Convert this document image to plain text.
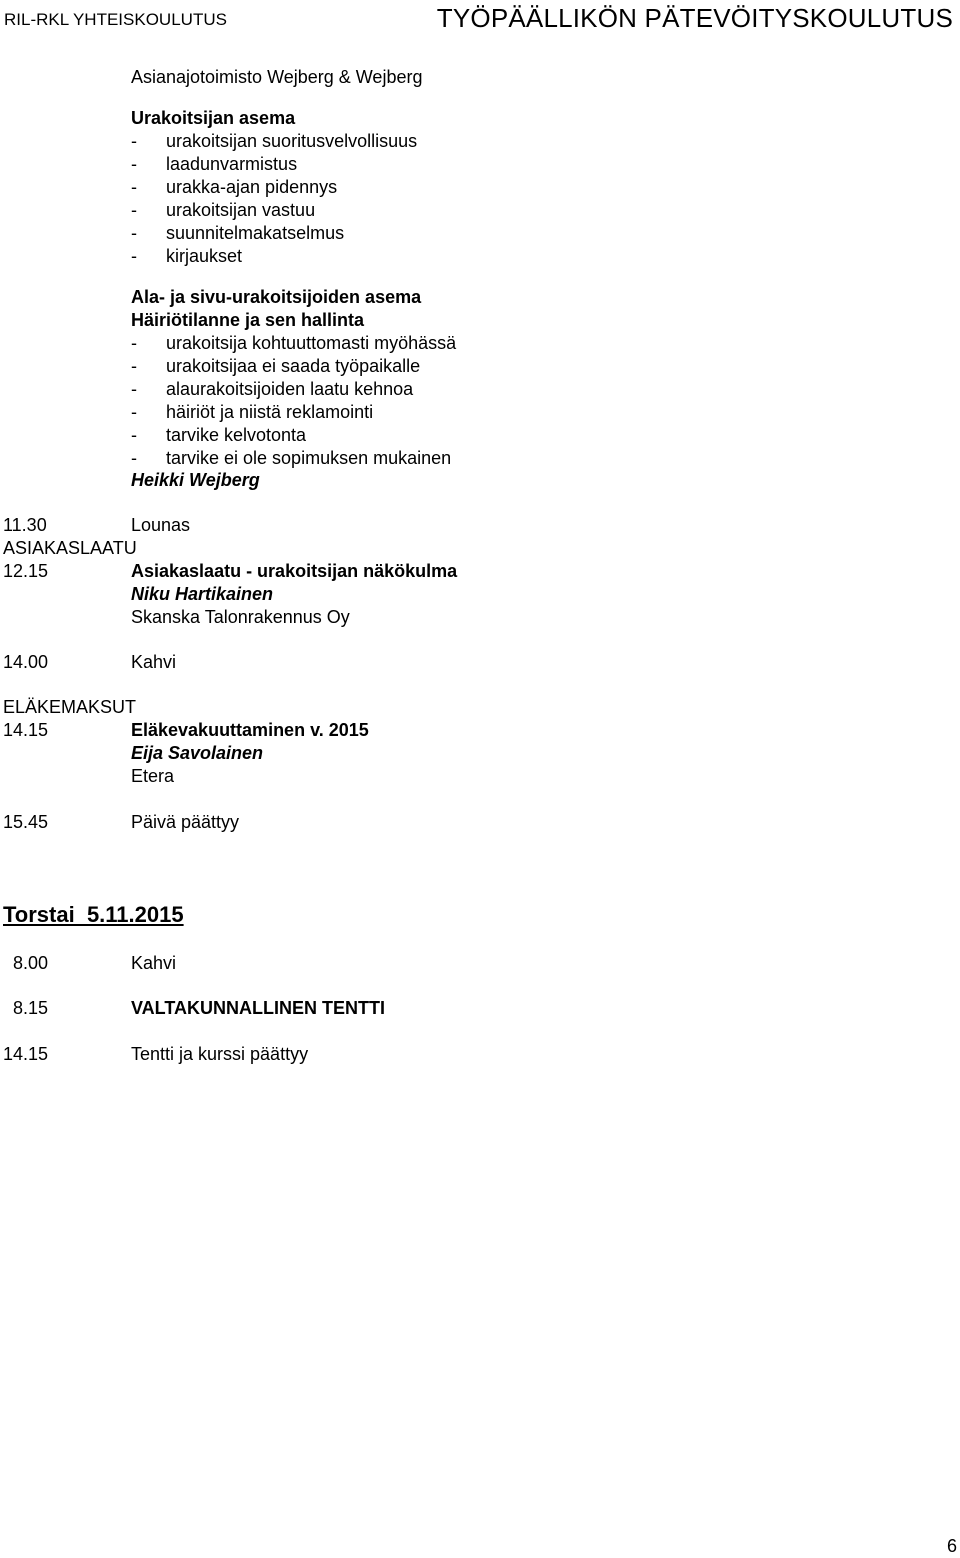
RIL-RKL YHTEISKOULUTUS	TYÖPÄÄLLIKÖN PÄTEVÖITYSKOULUTUS
Asianajotoimisto Wejberg & Wejberg
Urakoitsijan asema
- urakoitsijan suoritusvelvollisuus
- laadunvarmistus
- urakka-ajan pidennys
- urakoitsijan vastuu
- suunnitelmakatselmus
- kirjaukset
Ala- ja sivu-urakoitsijoiden asema
Häiriötilanne ja sen hallinta
- urakoitsija kohtuuttomasti myöhässä
- urakoitsijaa ei saada työpaikalle
- alaurakoitsijoiden laatu kehnoa
- häiriöt ja niistä reklamointi
- tarvike kelvotonta
- tarvike ei ole sopimuksen mukainen
Heikki Wejberg
11.30	Lounas
ASIAKASLAATU
12.15	Asiakaslaatu - urakoitsijan näkökulma
Niku Hartikainen
Skanska Talonrakennus Oy
14.00	Kahvi
ELÄKEMAKSUT
14.15	Eläkevakuuttaminen v. 2015
Eija Savolainen
Etera
15.45	Päivä päättyy
Torstai  5.11.2015
8.00	Kahvi
8.15	VALTAKUNNALLINEN TENTTI
14.15	Tentti ja kurssi päättyy
6
